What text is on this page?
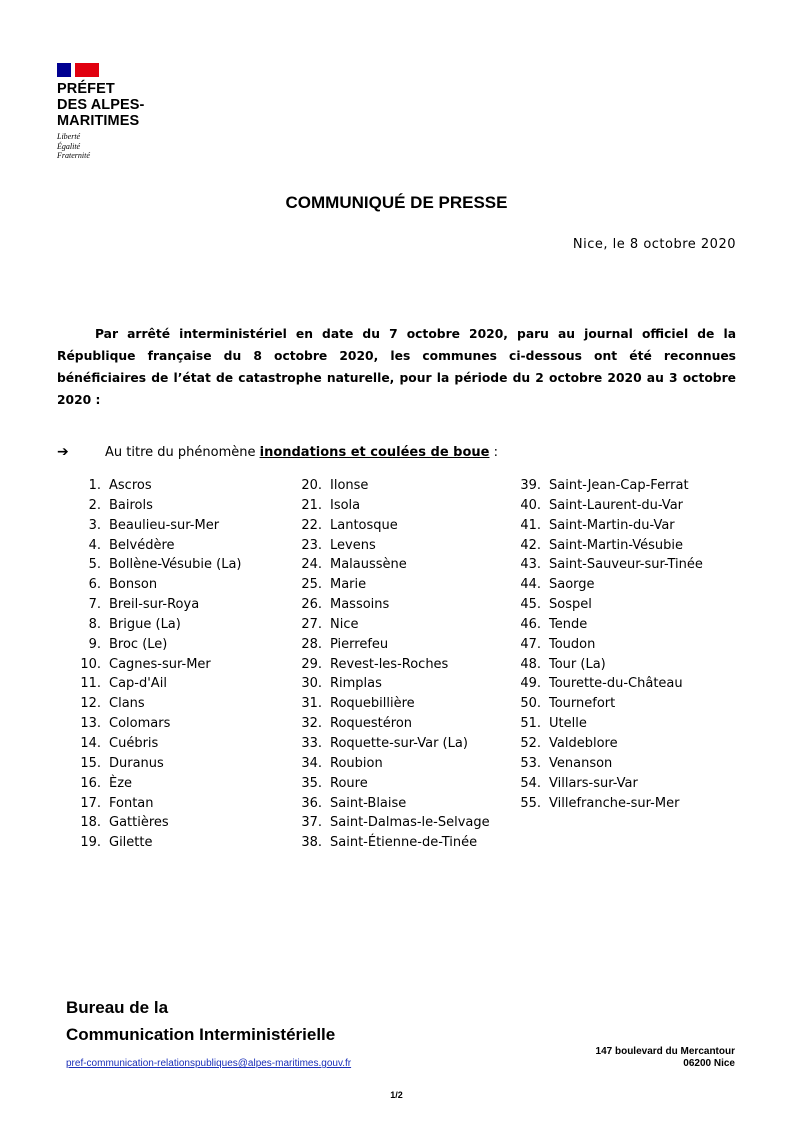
PRÉFET
DES ALPES-
MARITIMES
Liberté
Égalité
Fraternité
COMMUNIQUÉ DE PRESSE
Nice, le 8 octobre 2020
Par arrêté interministériel en date du 7 octobre 2020, paru au journal officiel de la République française du 8 octobre 2020, les communes ci-dessous ont été reconnues bénéficiaires de l’état de catastrophe naturelle, pour la période du 2 octobre 2020 au 3 octobre 2020 :
➔	Au titre du phénomène inondations et coulées de boue :
1. Ascros
2. Bairols
3. Beaulieu-sur-Mer
4. Belvédère
5. Bollène-Vésubie (La)
6. Bonson
7. Breil-sur-Roya
8. Brigue (La)
9. Broc (Le)
10. Cagnes-sur-Mer
11. Cap-d'Ail
12. Clans
13. Colomars
14. Cuébris
15. Duranus
16. Èze
17. Fontan
18. Gattières
19. Gilette
20. Ilonse
21. Isola
22. Lantosque
23. Levens
24. Malaussène
25. Marie
26. Massoins
27. Nice
28. Pierrefeu
29. Revest-les-Roches
30. Rimplas
31. Roquebillière
32. Roquestéron
33. Roquette-sur-Var (La)
34. Roubion
35. Roure
36. Saint-Blaise
37. Saint-Dalmas-le-Selvage
38. Saint-Étienne-de-Tinée
39. Saint-Jean-Cap-Ferrat
40. Saint-Laurent-du-Var
41. Saint-Martin-du-Var
42. Saint-Martin-Vésubie
43. Saint-Sauveur-sur-Tinée
44. Saorge
45. Sospel
46. Tende
47. Toudon
48. Tour (La)
49. Tourette-du-Château
50. Tournefort
51. Utelle
52. Valdeblore
53. Venanson
54. Villars-sur-Var
55. Villefranche-sur-Mer
Bureau de la
Communication Interministérielle
pref-communication-relationspubliques@alpes-maritimes.gouv.fr
147 boulevard du Mercantour
06200 Nice
1/2
